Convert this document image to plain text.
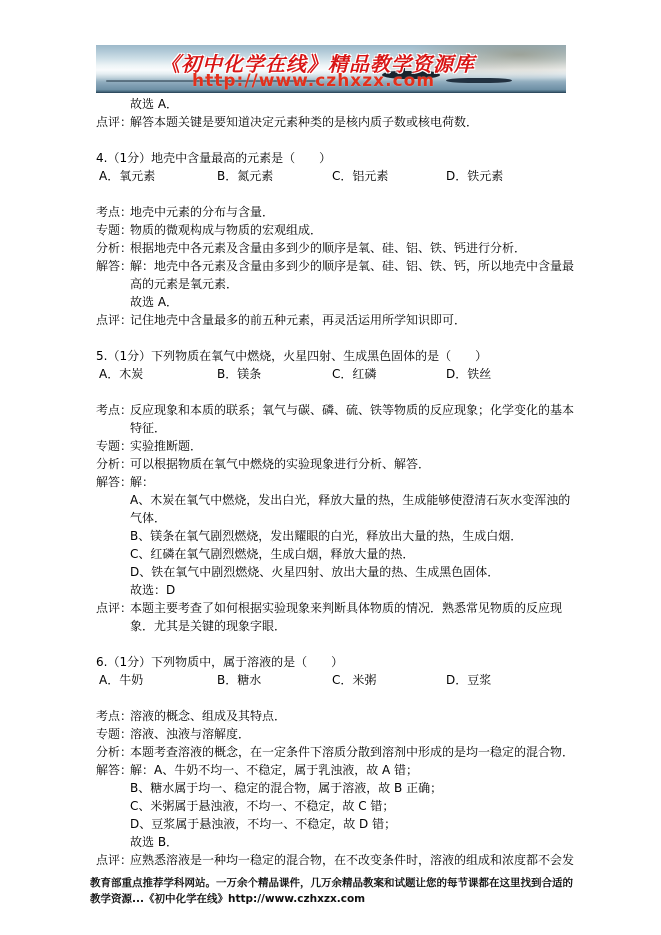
《初中化学在线》精品教学资源库
http://www.czhxzx.com
故选 A．
点评：
解答本题关键是要知道决定元素种类的是核内质子数或核电荷数．
4.（1分）地壳中含量最高的元素是（　　）
A．氧元素	B．氮元素	C．铝元素	D．铁元素
考点：
地壳中元素的分布与含量．
专题：
物质的微观构成与物质的宏观组成．
分析：
根据地壳中各元素及含量由多到少的顺序是氧、硅、铝、铁、钙进行分析．
解答：
解：地壳中各元素及含量由多到少的顺序是氧、硅、铝、铁、钙，所以地壳中含量最
高的元素是氧元素．
故选 A．
点评：
记住地壳中含量最多的前五种元素，再灵活运用所学知识即可．
5.（1分）下列物质在氧气中燃烧，火星四射、生成黑色固体的是（　　）
A．木炭	B．镁条	C．红磷	D．铁丝
考点：
反应现象和本质的联系；氧气与碳、磷、硫、铁等物质的反应现象；化学变化的基本
特征．
专题：
实验推断题．
分析：
可以根据物质在氧气中燃烧的实验现象进行分析、解答．
解答：
解：
A、木炭在氧气中燃烧，发出白光，释放大量的热，生成能够使澄清石灰水变浑浊的
气体．
B、镁条在氧气剧烈燃烧，发出耀眼的白光，释放出大量的热，生成白烟．
C、红磷在氧气剧烈燃烧，生成白烟，释放大量的热．
D、铁在氧气中剧烈燃烧、火星四射、放出大量的热、生成黑色固体．
故选：D
点评：
本题主要考查了如何根据实验现象来判断具体物质的情况．熟悉常见物质的反应现
象．尤其是关键的现象字眼．
6.（1分）下列物质中，属于溶液的是（　　）
A．牛奶	B．糖水	C．米粥	D．豆浆
考点：
溶液的概念、组成及其特点．
专题：
溶液、浊液与溶解度．
分析：
本题考查溶液的概念，在一定条件下溶质分散到溶剂中形成的是均一稳定的混合物．
解答：
解：A、牛奶不均一、不稳定，属于乳浊液，故 A 错；
B、糖水属于均一、稳定的混合物，属于溶液，故 B 正确；
C、米粥属于悬浊液，不均一、不稳定，故 C 错；
D、豆浆属于悬浊液，不均一、不稳定，故 D 错；
故选 B．
点评：
应熟悉溶液是一种均一稳定的混合物，在不改变条件时，溶液的组成和浓度都不会发
教育部重点推荐学科网站。一万余个精品课件，几万余精品教案和试题让您的每节课都在这里找到合适的
教学资源...《初中化学在线》http://www.czhxzx.com
